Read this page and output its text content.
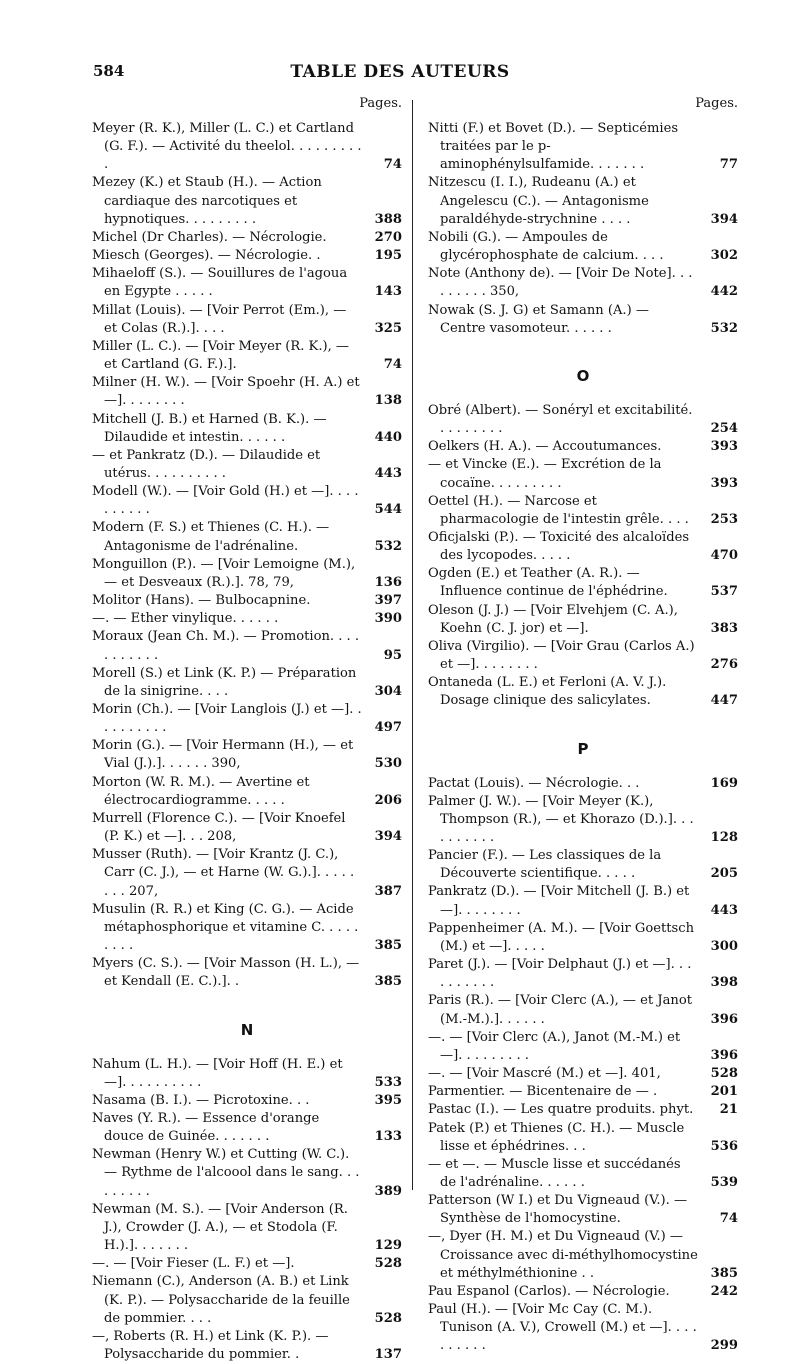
584	TABLE DES AUTEURS
Pages.
Meyer (R. K.), Miller (L. C.) et Cartland (G. F.). — Activité du theelol. . . . . . . . . .	74
Mezey (K.) et Staub (H.). — Action cardiaque des narcotiques et hypnotiques. . . . . . . . .	388
Michel (Dr Charles). — Nécrologie.	270
Miesch (Georges). — Nécrologie. .	195
Mihaeloff (S.). — Souillures de l'agoua en Egypte . . . . .	143
Millat (Louis). — [Voir Perrot (Em.), — et Colas (R.).]. . . .	325
Miller (L. C.). — [Voir Meyer (R. K.), — et Cartland (G. F.).].	74
Milner (H. W.). — [Voir Spoehr (H. A.) et —]. . . . . . . .	138
Mitchell (J. B.) et Harned (B. K.). — Dilaudide et intestin. . . . . .	440
— et Pankratz (D.). — Dilaudide et utérus. . . . . . . . . .	443
Modell (W.). — [Voir Gold (H.) et —]. . . . . . . . . .	544
Modern (F. S.) et Thienes (C. H.). — Antagonisme de l'adrénaline.	532
Monguillon (P.). — [Voir Lemoigne (M.), — et Desveaux (R.).]. 78, 79,	136
Molitor (Hans). — Bulbocapnine.	397
—. — Ether vinylique. . . . . .	390
Moraux (Jean Ch. M.). — Promotion. . . . . . . . . . .	95
Morell (S.) et Link (K. P.) — Préparation de la sinigrine. . . .	304
Morin (Ch.). — [Voir Langlois (J.) et —]. . . . . . . . . .	497
Morin (G.). — [Voir Hermann (H.), — et Vial (J.).]. . . . . . 390,	530
Morton (W. R. M.). — Avertine et électrocardiogramme. . . . .	206
Murrell (Florence C.). — [Voir Knoefel (P. K.) et —]. . . 208,	394
Musser (Ruth). — [Voir Krantz (J. C.), Carr (C. J.), — et Harne (W. G.).]. . . . . . . . 207,	387
Musulin (R. R.) et King (C. G.). — Acide métaphosphorique et vitamine C. . . . . . . . .	385
Myers (C. S.). — [Voir Masson (H. L.), — et Kendall (E. C.).]. .	385
N
Nahum (L. H.). — [Voir Hoff (H. E.) et —]. . . . . . . . . .	533
Nasama (B. I.). — Picrotoxine. . .	395
Naves (Y. R.). — Essence d'orange douce de Guinée. . . . . . .	133
Newman (Henry W.) et Cutting (W. C.). — Rythme de l'alcoool dans le sang. . . . . . . . .	389
Newman (M. S.). — [Voir Anderson (R. J.), Crowder (J. A.), — et Stodola (F. H.).]. . . . . . .	129
—. — [Voir Fieser (L. F.) et —].	528
Niemann (C.), Anderson (A. B.) et Link (K. P.). — Polysaccharide de la feuille de pommier. . . .	528
—, Roberts (R. H.) et Link (K. P.). — Polysaccharide du pommier. .	137
Pages.
Nitti (F.) et Bovet (D.). — Septicémies traitées par le p-aminophénylsulfamide. . . . . . .	77
Nitzescu (I. I.), Rudeanu (A.) et Angelescu (C.). — Antagonisme paraldéhyde-strychnine . . . .	394
Nobili (G.). — Ampoules de glycérophosphate de calcium. . . .	302
Note (Anthony de). — [Voir De Note]. . . . . . . . . 350,	442
Nowak (S. J. G) et Samann (A.) — Centre vasomoteur. . . . . .	532
O
Obré (Albert). — Sonéryl et excitabilité. . . . . . . . .	254
Oelkers (H. A.). — Accoutumances.	393
— et Vincke (E.). — Excrétion de la cocaïne. . . . . . . . .	393
Oettel (H.). — Narcose et pharmacologie de l'intestin grêle. . . . 253
Oficjalski (P.). — Toxicité des alcaloïdes des lycopodes. . . . .	470
Ogden (E.) et Teather (A. R.). — Influence continue de l'éphédrine.	537
Oleson (J. J.) — [Voir Elvehjem (C. A.), Koehn (C. J. jor) et —].	383
Oliva (Virgilio). — [Voir Grau (Carlos A.) et —]. . . . . . . .	276
Ontaneda (L. E.) et Ferloni (A. V. J.). Dosage clinique des salicylates.	447
P
Pactat (Louis). — Nécrologie. . .	169
Palmer (J. W.). — [Voir Meyer (K.), Thompson (R.), — et Khorazo (D.).]. . . . . . . . . .	128
Pancier (F.). — Les classiques de la Découverte scientifique. . . . .	205
Pankratz (D.). — [Voir Mitchell (J. B.) et —]. . . . . . . .	443
Pappenheimer (A. M.). — [Voir Goettsch (M.) et —]. . . . .	300
Paret (J.). — [Voir Delphaut (J.) et —]. . . . . . . . . .	398
Paris (R.). — [Voir Clerc (A.), — et Janot (M.-M.).]. . . . . .	396
—. — [Voir Clerc (A.), Janot (M.-M.) et —]. . . . . . . . .	396
—. — [Voir Mascré (M.) et —]. 401,	528
Parmentier. — Bicentenaire de — .	201
Pastac (I.). — Les quatre produits. phyt. 21
Patek (P.) et Thienes (C. H.). — Muscle lisse et éphédrines. . .	536
— et —. — Muscle lisse et succédanés de l'adrénaline. . . . . .	539
Patterson (W I.) et Du Vigneaud (V.). — Synthèse de l'homocystine.	74
—, Dyer (H. M.) et Du Vigneaud (V.) — Croissance avec di-méthylhomocystine et méthylméthionine . .	385
Pau Espanol (Carlos). — Nécrologie.	242
Paul (H.). — [Voir Mc Cay (C. M.). Tunison (A. V.), Crowell (M.) et —]. . . . . . . . . .	299
